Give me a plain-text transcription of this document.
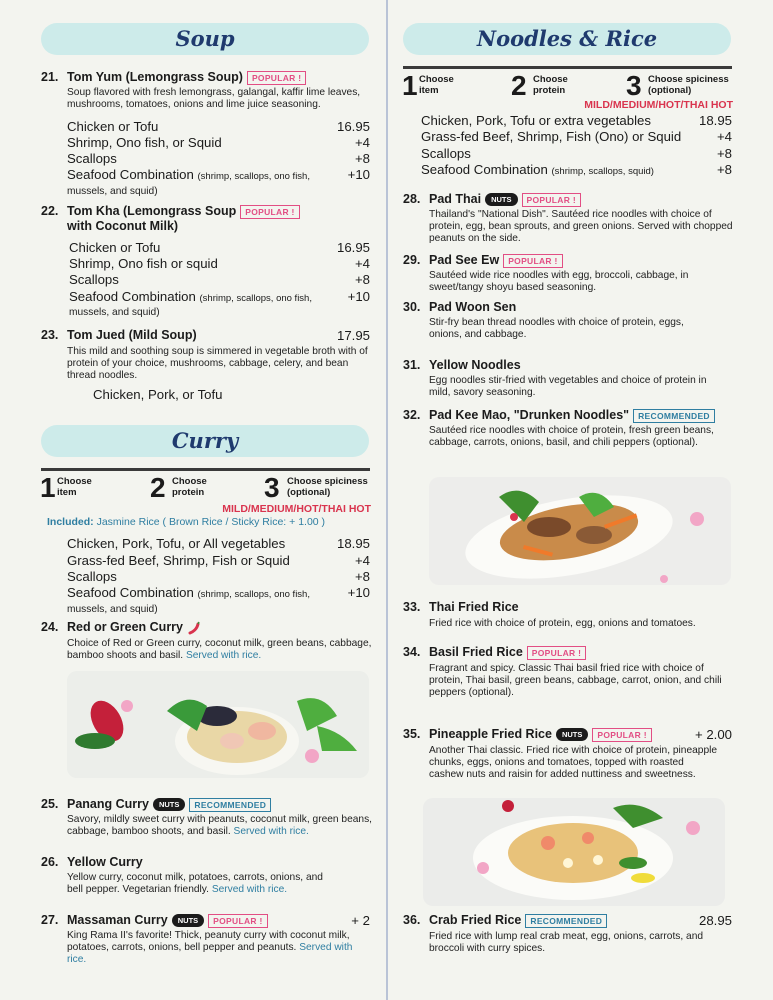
Soup
21. Tom Yum (Lemongrass Soup) POPULAR !
Soup flavored with fresh lemongrass, galangal, kaffir lime leaves, mushrooms, tomatoes, onions and lime juice seasoning.
Chicken or Tofu	16.95
Shrimp, Ono fish, or Squid	+4
Scallops	+8
Seafood Combination (shrimp, scallops, ono fish,	+10
mussels, and squid)
22. Tom Kha (Lemongrass Soup POPULAR !
with Coconut Milk)
Chicken or Tofu	16.95
Shrimp, Ono fish or squid	+4
Scallops	+8
Seafood Combination (shrimp, scallops, ono fish,	+10
mussels, and squid)
23. Tom Jued (Mild Soup)	17.95
This mild and soothing soup is simmered in vegetable broth with of protein of your choice, mushrooms, cabbage, celery, and bean thread noodles.
Chicken, Pork, or Tofu
Curry
1 Choose item	2 Choose protein	3 Choose spiciness (optional)
MILD/MEDIUM/HOT/THAI HOT
Included: Jasmine Rice ( Brown Rice / Sticky Rice: + 1.00 )
Chicken, Pork, Tofu, or All vegetables	18.95
Grass-fed Beef, Shrimp, Fish or Squid	+4
Scallops	+8
Seafood Combination (shrimp, scallops, ono fish,	+10
mussels, and squid)
24. Red or Green Curry
Choice of Red or Green curry, coconut milk, green beans, cabbage, bamboo shoots and basil. Served with rice.
25. Panang Curry NUTS RECOMMENDED
Savory, mildly sweet curry with peanuts, coconut milk, green beans, cabbage, bamboo shoots, and basil. Served with rice.
26. Yellow Curry
Yellow curry, coconut milk, potatoes, carrots, onions, and bell pepper. Vegetarian friendly. Served with rice.
27. Massaman Curry NUTS POPULAR !	+ 2
King Rama II's favorite! Thick, peanuty curry with coconut milk, potatoes, carrots, onions, bell pepper and peanuts. Served with rice.
Noodles & Rice
1 Choose item	2 Choose protein	3 Choose spiciness (optional)
MILD/MEDIUM/HOT/THAI HOT
Chicken, Pork, Tofu or extra vegetables	18.95
Grass-fed Beef, Shrimp, Fish (Ono) or Squid	+4
Scallops	+8
Seafood Combination (shrimp, scallops, squid)	+8
28. Pad Thai NUTS POPULAR !
Thailand's "National Dish". Sautéed rice noodles with choice of protein, egg, bean sprouts, and green onions. Served with chopped peanuts on the side.
29. Pad See Ew POPULAR !
Sautéed wide rice noodles with egg, broccoli, cabbage, in sweet/tangy shoyu based seasoning.
30. Pad Woon Sen
Stir-fry bean thread noodles with choice of protein, eggs, onions, and cabbage.
31. Yellow Noodles
Egg noodles stir-fried with vegetables and choice of protein in mild, savory seasoning.
32. Pad Kee Mao, "Drunken Noodles" RECOMMENDED
Sautéed rice noodles with choice of protein, fresh green beans, cabbage, carrots, onions, basil, and chili peppers (optional).
33. Thai Fried Rice
Fried rice with choice of protein, egg, onions and tomatoes.
34. Basil Fried Rice POPULAR !
Fragrant and spicy. Classic Thai basil fried rice with choice of protein, Thai basil, green beans, cabbage, carrot, onion, and chili peppers (optional).
35. Pineapple Fried Rice NUTS POPULAR !	+ 2.00
Another Thai classic. Fried rice with choice of protein, pineapple chunks, eggs, onions and tomatoes, topped with roasted cashew nuts and raisin for added nuttiness and sweetness.
36. Crab Fried Rice RECOMMENDED	28.95
Fried rice with lump real crab meat, egg, onions, carrots, and broccoli with curry spices.
